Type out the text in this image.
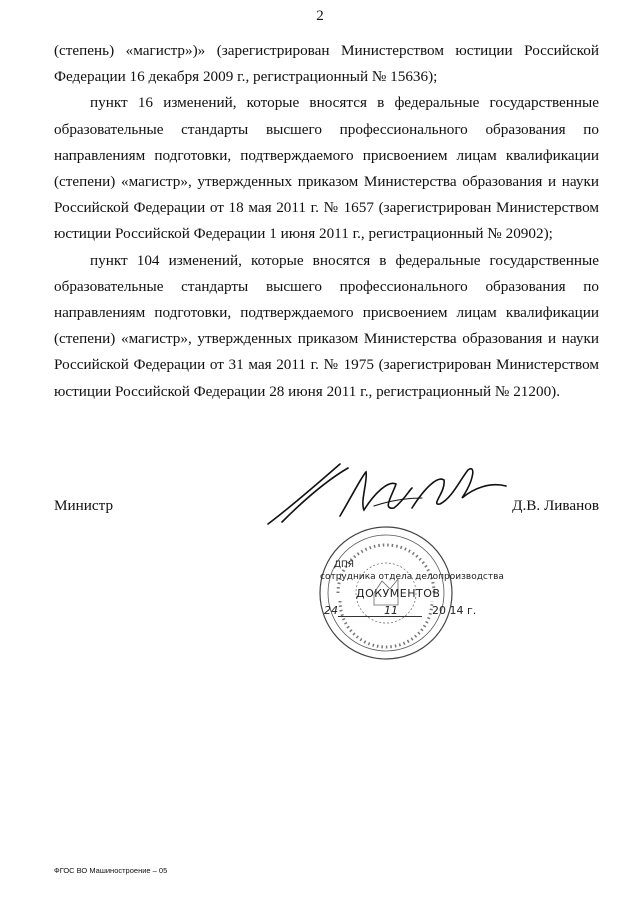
2

(степень) «магистр»)» (зарегистрирован Министерством юстиции Российской Федерации 16 декабря 2009 г., регистрационный № 15636);

пункт 16 изменений, которые вносятся в федеральные государственные образовательные стандарты высшего профессионального образования по направлениям подготовки, подтверждаемого присвоением лицам квалификации (степени) «магистр», утвержденных приказом Министерства образования и науки Российской Федерации от 18 мая 2011 г. № 1657 (зарегистрирован Министерством юстиции Российской Федерации 1 июня 2011 г., регистрационный № 20902);

пункт 104 изменений, которые вносятся в федеральные государственные образовательные стандарты высшего профессионального образования по направлениям подготовки, подтверждаемого присвоением лицам квалификации (степени) «магистр», утвержденных приказом Министерства образования и науки Российской Федерации от 31 мая 2011 г. № 1975 (зарегистрирован Министерством юстиции Российской Федерации 28 июня 2011 г., регистрационный № 21200).

Министр	Д.В. Ливанов
ДПЯ
сотрудника отдела делопроизводства
ДОКУМЕНТОВ
24	11	20 14 г.
ФГОС ВО Машиностроение – 05
